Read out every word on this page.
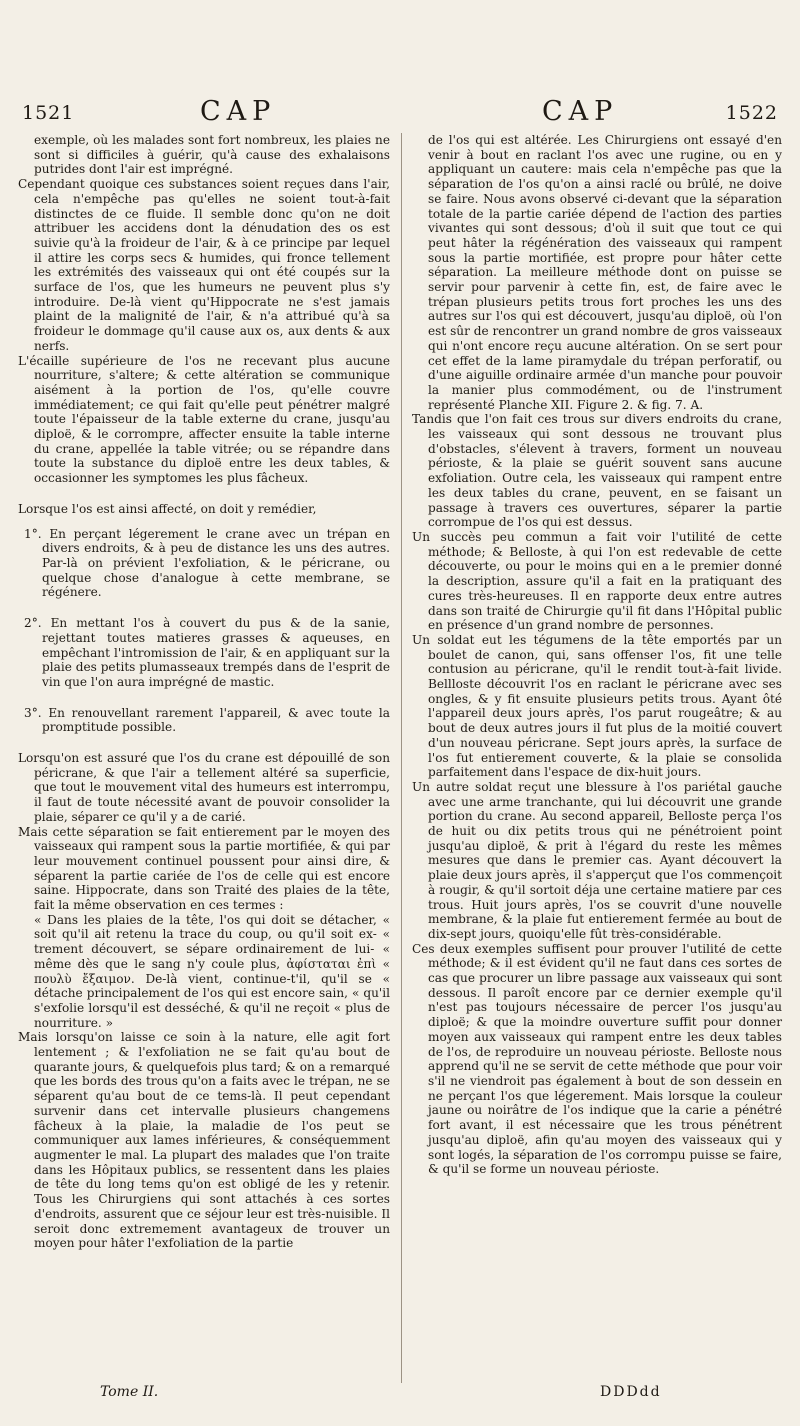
1521	CAP	CAP	1522

exemple, où les malades sont fort nombreux, les plaies ne sont si difficiles à guérir, qu'à cause des exhalaisons putrides dont l'air est imprégné.

Cependant quoique ces substances soient reçues dans l'air, cela n'empêche pas qu'elles ne soient tout-à-fait distinctes de ce fluide. Il semble donc qu'on ne doit attribuer les accidens dont la dénudation des os est suivie qu'à la froideur de l'air, & à ce principe par lequel il attire les corps secs & humides, qui fronce tellement les extrémités des vaisseaux qui ont été coupés sur la surface de l'os, que les humeurs ne peuvent plus s'y introduire. De-là vient qu'Hippocrate ne s'est jamais plaint de la malignité de l'air, & n'a attribué qu'à sa froideur le dommage qu'il cause aux os, aux dents & aux nerfs.

L'écaille supérieure de l'os ne recevant plus aucune nourriture, s'altere; & cette altération se communique aisément à la portion de l'os, qu'elle couvre immédiatement; ce qui fait qu'elle peut pénétrer malgré toute l'épaisseur de la table externe du crane, jusqu'au diploë, & le corrompre, affecter ensuite la table interne du crane, appellée la table vitrée; ou se répandre dans toute la substance du diploë entre les deux tables, & occasionner les symptomes les plus fâcheux.

Lorsque l'os est ainsi affecté, on doit y remédier,

1°. En perçant légerement le crane avec un trépan en divers endroits, & à peu de distance les uns des autres. Par-là on prévient l'exfoliation, & le péricrane, ou quelque chose d'analogue à cette membrane, se régénere.

2°. En mettant l'os à couvert du pus & de la sanie, rejettant toutes matieres grasses & aqueuses, en empêchant l'intromission de l'air, & en appliquant sur la plaie des petits plumasseaux trempés dans de l'esprit de vin que l'on aura imprégné de mastic.

3°. En renouvellant rarement l'appareil, & avec toute la promptitude possible.

Lorsqu'on est assuré que l'os du crane est dépouillé de son péricrane, & que l'air a tellement altéré sa superficie, que tout le mouvement vital des humeurs est interrompu, il faut de toute nécessité avant de pouvoir consolider la plaie, séparer ce qu'il y a de carié.

Mais cette séparation se fait entierement par le moyen des vaisseaux qui rampent sous la partie mortifiée, & qui par leur mouvement continuel poussent pour ainsi dire, & séparent la partie cariée de l'os de celle qui est encore saine. Hippocrate, dans son Traité des plaies de la tête, fait la même observation en ces termes :

« Dans les plaies de la tête, l'os qui doit se détacher, « soit qu'il ait retenu la trace du coup, ou qu'il soit ex- « trement découvert, se sépare ordinairement de lui- « même dès que le sang n'y coule plus, ἀφίσταται ἐπὶ « πουλὺ ἔξαιμον. De-là vient, continue-t'il, qu'il se « détache principalement de l'os qui est encore sain, « qu'il s'exfolie lorsqu'il est desséché, & qu'il ne reçoit « plus de nourriture. »

Mais lorsqu'on laisse ce soin à la nature, elle agit fort lentement ; & l'exfoliation ne se fait qu'au bout de quarante jours, & quelquefois plus tard; & on a remarqué que les bords des trous qu'on a faits avec le trépan, ne se séparent qu'au bout de ce tems-là. Il peut cependant survenir dans cet intervalle plusieurs changemens fâcheux à la plaie, la maladie de l'os peut se communiquer aux lames inférieures, & conséquemment augmenter le mal. La plupart des malades que l'on traite dans les Hôpitaux publics, se ressentent dans les plaies de tête du long tems qu'on est obligé de les y retenir. Tous les Chirurgiens qui sont attachés à ces sortes d'endroits, assurent que ce séjour leur est très-nuisible. Il seroit donc extremement avantageux de trouver un moyen pour hâter l'exfoliation de la partie

de l'os qui est altérée. Les Chirurgiens ont essayé d'en venir à bout en raclant l'os avec une rugine, ou en y appliquant un cautere: mais cela n'empêche pas que la séparation de l'os qu'on a ainsi raclé ou brûlé, ne doive se faire. Nous avons observé ci-devant que la séparation totale de la partie cariée dépend de l'action des parties vivantes qui sont dessous; d'où il suit que tout ce qui peut hâter la régénération des vaisseaux qui rampent sous la partie mortifiée, est propre pour hâter cette séparation. La meilleure méthode dont on puisse se servir pour parvenir à cette fin, est, de faire avec le trépan plusieurs petits trous fort proches les uns des autres sur l'os qui est découvert, jusqu'au diploë, où l'on est sûr de rencontrer un grand nombre de gros vaisseaux qui n'ont encore reçu aucune altération. On se sert pour cet effet de la lame piramydale du trépan perforatif, ou d'une aiguille ordinaire armée d'un manche pour pouvoir la manier plus commodément, ou de l'instrument représenté Planche XII. Figure 2. & fig. 7. A.

Tandis que l'on fait ces trous sur divers endroits du crane, les vaisseaux qui sont dessous ne trouvant plus d'obstacles, s'élevent à travers, forment un nouveau périoste, & la plaie se guérit souvent sans aucune exfoliation. Outre cela, les vaisseaux qui rampent entre les deux tables du crane, peuvent, en se faisant un passage à travers ces ouvertures, séparer la partie corrompue de l'os qui est dessus.

Un succès peu commun a fait voir l'utilité de cette méthode; & Belloste, à qui l'on est redevable de cette découverte, ou pour le moins qui en a le premier donné la description, assure qu'il a fait en la pratiquant des cures très-heureuses. Il en rapporte deux entre autres dans son traité de Chirurgie qu'il fit dans l'Hôpital public en présence d'un grand nombre de personnes.

Un soldat eut les tégumens de la tête emportés par un boulet de canon, qui, sans offenser l'os, fit une telle contusion au péricrane, qu'il le rendit tout-à-fait livide. Bellloste découvrit l'os en raclant le péricrane avec ses ongles, & y fit ensuite plusieurs petits trous. Ayant ôté l'appareil deux jours après, l'os parut rougeâtre; & au bout de deux autres jours il fut plus de la moitié couvert d'un nouveau péricrane. Sept jours après, la surface de l'os fut entierement couverte, & la plaie se consolida parfaitement dans l'espace de dix-huit jours.

Un autre soldat reçut une blessure à l'os pariétal gauche avec une arme tranchante, qui lui découvrit une grande portion du crane. Au second appareil, Belloste perça l'os de huit ou dix petits trous qui ne pénétroient point jusqu'au diploë, & prit à l'égard du reste les mêmes mesures que dans le premier cas. Ayant découvert la plaie deux jours après, il s'apperçut que l'os commençoit à rougir, & qu'il sortoit déja une certaine matiere par ces trous. Huit jours après, l'os se couvrit d'une nouvelle membrane, & la plaie fut entierement fermée au bout de dix-sept jours, quoiqu'elle fût très-considérable.

Ces deux exemples suffisent pour prouver l'utilité de cette méthode; & il est évident qu'il ne faut dans ces sortes de cas que procurer un libre passage aux vaisseaux qui sont dessous. Il paroît encore par ce dernier exemple qu'il n'est pas toujours nécessaire de percer l'os jusqu'au diploë; & que la moindre ouverture suffit pour donner moyen aux vaisseaux qui rampent entre les deux tables de l'os, de reproduire un nouveau périoste. Belloste nous apprend qu'il ne se servit de cette méthode que pour voir s'il ne viendroit pas également à bout de son dessein en ne perçant l'os que légerement. Mais lorsque la couleur jaune ou noirâtre de l'os indique que la carie a pénétré fort avant, il est nécessaire que les trous pénétrent jusqu'au diploë, afin qu'au moyen des vaisseaux qui y sont logés, la séparation de l'os corrompu puisse se faire, & qu'il se forme un nouveau périoste.

Tome II.	DDDdd
